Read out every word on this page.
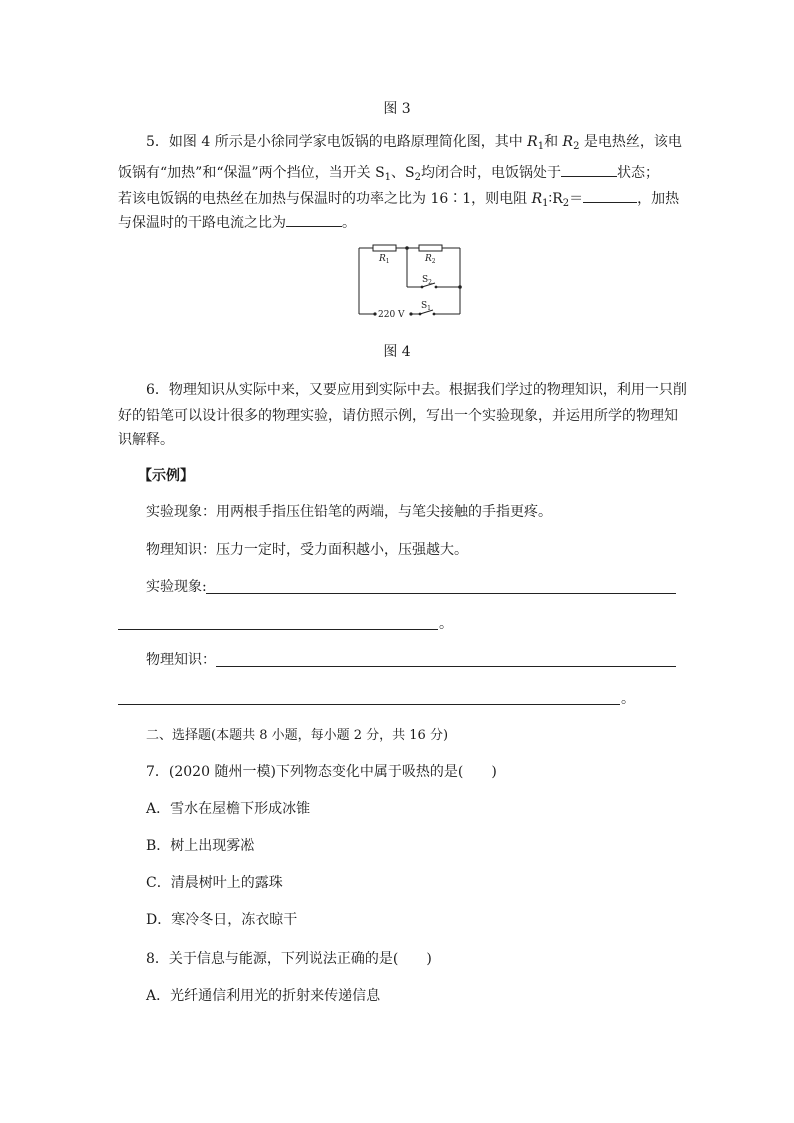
图 3
5．如图 4 所示是小徐同学家电饭锅的电路原理简化图，其中 $R_1$和 $R_2$ 是电热丝，该电
饭锅有“加热”和“保温”两个挡位，当开关 $S_1$、$S_2$均闭合时，电饭锅处于	状态；
若该电饭锅的电热丝在加热与保温时的功率之比为 16∶1，则电阻 $R_1∶R_2=$	，加热
与保温时的干路电流之比为	。
$R_1$	$R_2$
$S_2$
$S_1$
220 V
图 4
6．物理知识从实际中来，又要应用到实际中去。根据我们学过的物理知识，利用一只削
好的铅笔可以设计很多的物理实验，请仿照示例，写出一个实验现象，并运用所学的物理知
识解释。
【示例】
实验现象：用两根手指压住铅笔的两端，与笔尖接触的手指更疼。
物理知识：压力一定时，受力面积越小，压强越大。
实验现象:
。
物理知识：
。
二、选择题(本题共 8 小题，每小题 2 分，共 16 分)
7．(2020 随州一模)下列物态变化中属于吸热的是(　　)
A．雪水在屋檐下形成冰锥
B．树上出现雾凇
C．清晨树叶上的露珠
D．寒冷冬日，冻衣晾干
8．关于信息与能源，下列说法正确的是(　　)
A．光纤通信利用光的折射来传递信息
